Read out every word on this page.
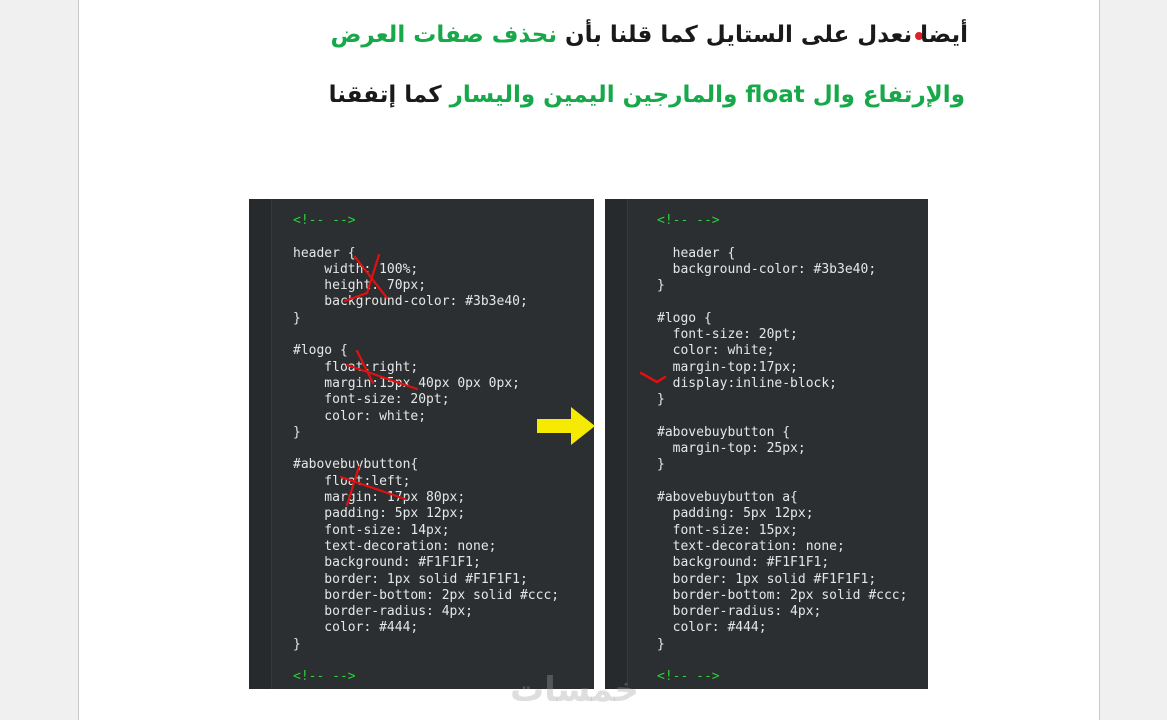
أيضا نعدل على الستايل كما قلنا بأن نحذف صفات العرض
والإرتفاع وال float والمارجين اليمين واليسار كما إتفقنا
<!-- -->
header {
width: 100%;
height: 70px;
background-color: #3b3e40;
}
#logo {
float:right;
margin:15px 40px 0px 0px;
font-size: 20pt;
color: white;
}
#abovebuybutton{
float:left;
margin: 17px 80px;
padding: 5px 12px;
font-size: 14px;
text-decoration: none;
background: #F1F1F1;
border: 1px solid #F1F1F1;
border-bottom: 2px solid #ccc;
border-radius: 4px;
color: #444;
}
<!-- -->
<!-- -->
header {
background-color: #3b3e40;
}
#logo {
font-size: 20pt;
color: white;
margin-top:17px;
display:inline-block;
}
#abovebuybutton {
margin-top: 25px;
}
#abovebuybutton a{
padding: 5px 12px;
font-size: 15px;
text-decoration: none;
background: #F1F1F1;
border: 1px solid #F1F1F1;
border-bottom: 2px solid #ccc;
border-radius: 4px;
color: #444;
}
<!-- -->
خمسات
